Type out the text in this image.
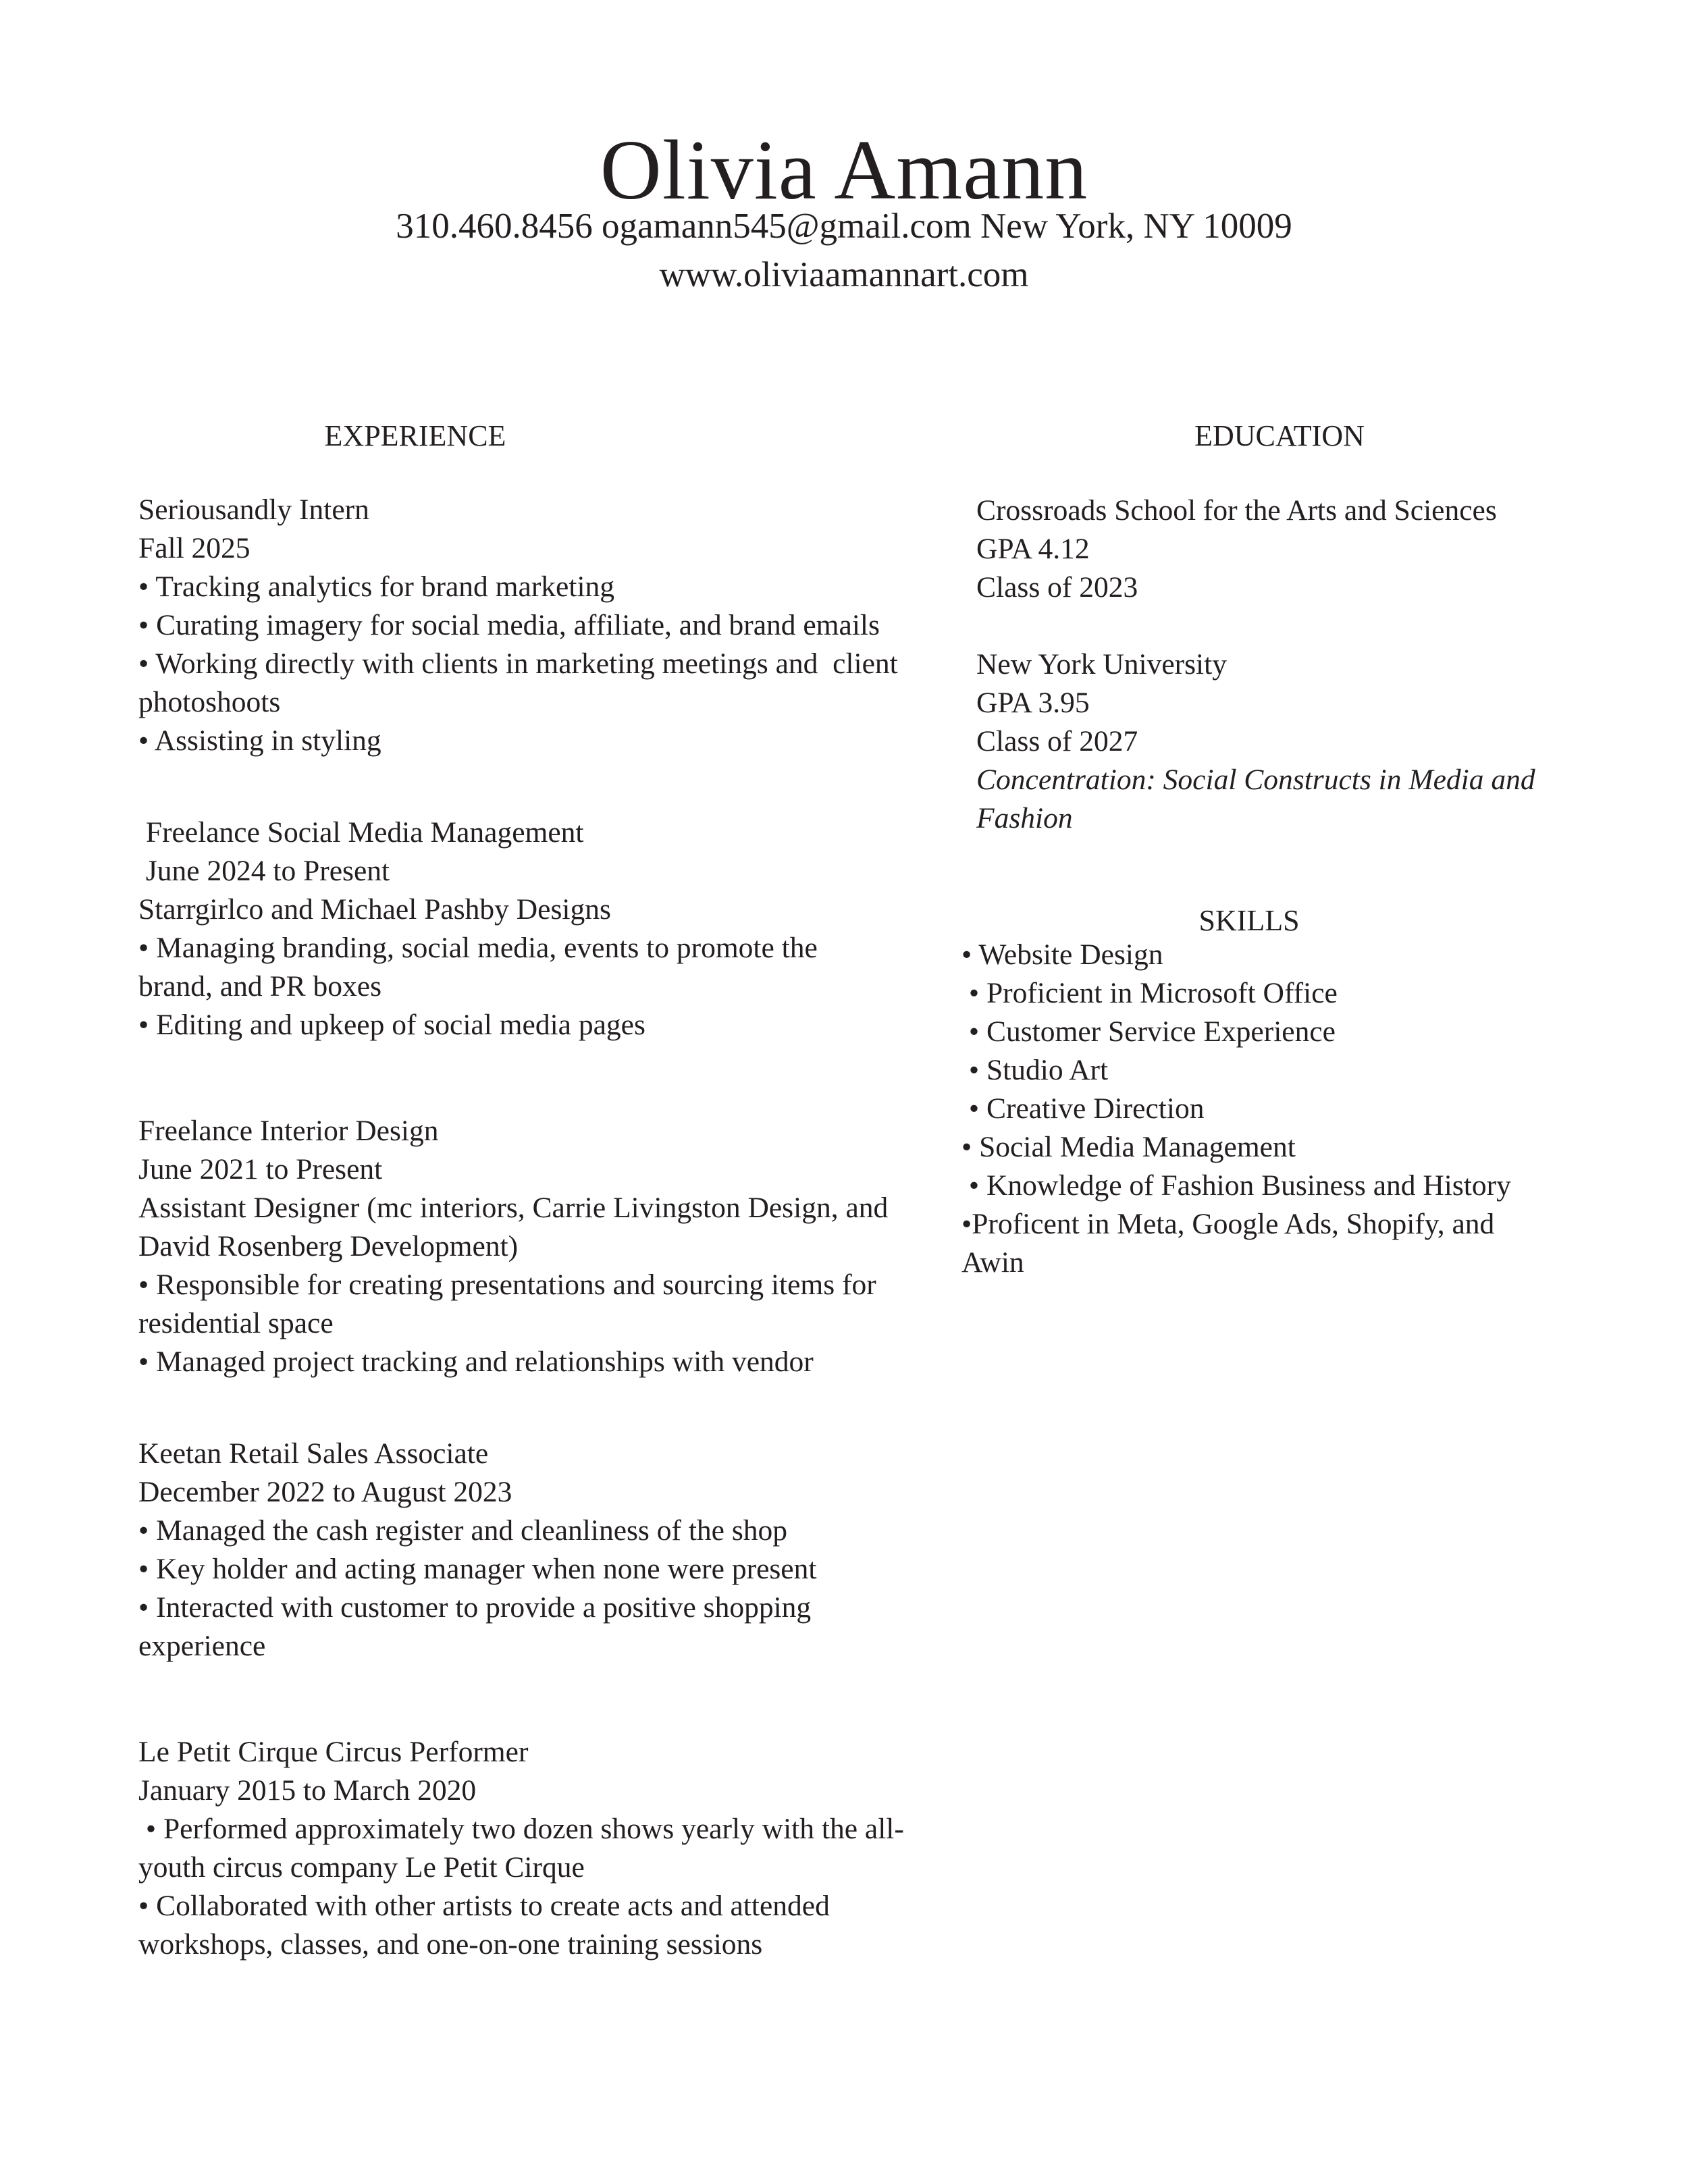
Olivia Amann
310.460.8456 ogamann545@gmail.com New York, NY 10009
www.oliviaamannart.com
EXPERIENCE
Seriousandly Intern
Fall 2025
• Tracking analytics for brand marketing
• Curating imagery for social media, affiliate, and brand emails
• Working directly with clients in marketing meetings and  client
photoshoots
• Assisting in styling
Freelance Social Media Management
June 2024 to Present
Starrgirlco and Michael Pashby Designs
• Managing branding, social media, events to promote the
brand, and PR boxes
• Editing and upkeep of social media pages
Freelance Interior Design
June 2021 to Present
Assistant Designer (mc interiors, Carrie Livingston Design, and
David Rosenberg Development)
• Responsible for creating presentations and sourcing items for
residential space
• Managed project tracking and relationships with vendor
Keetan Retail Sales Associate
December 2022 to August 2023
• Managed the cash register and cleanliness of the shop
• Key holder and acting manager when none were present
• Interacted with customer to provide a positive shopping
experience
Le Petit Cirque Circus Performer
January 2015 to March 2020
• Performed approximately two dozen shows yearly with the all-
youth circus company Le Petit Cirque
• Collaborated with other artists to create acts and attended
workshops, classes, and one-on-one training sessions
EDUCATION
Crossroads School for the Arts and Sciences
GPA 4.12
Class of 2023
New York University
GPA 3.95
Class of 2027
Concentration: Social Constructs in Media and
Fashion
SKILLS
• Website Design
• Proficient in Microsoft Office
• Customer Service Experience
• Studio Art
• Creative Direction
• Social Media Management
• Knowledge of Fashion Business and History
•Proficent in Meta, Google Ads, Shopify, and
Awin
